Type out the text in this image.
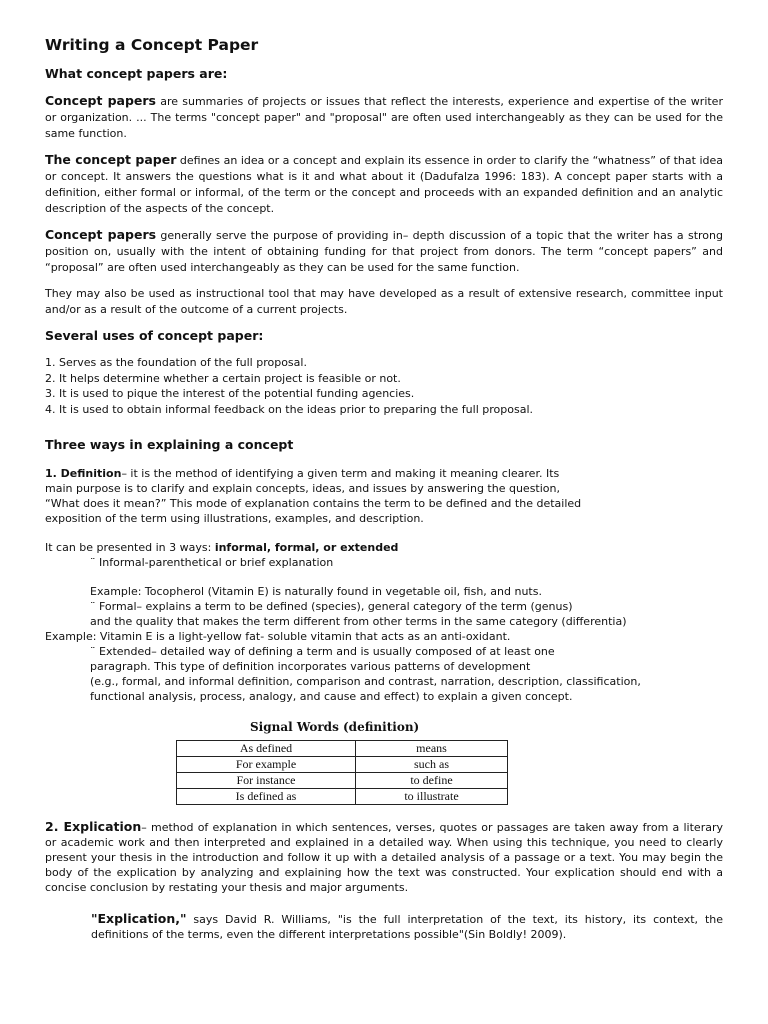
Writing a Concept Paper
What concept papers are:

Concept papers are summaries of projects or issues that reflect the interests, experience and expertise of the writer or organization. ... The terms "concept paper" and "proposal" are often used interchangeably as they can be used for the same function.

The concept paper defines an idea or a concept and explain its essence in order to clarify the “whatness” of that idea or concept. It answers the questions what is it and what about it (Dadufalza 1996: 183). A concept paper starts with a definition, either formal or informal, of the term or the concept and proceeds with an expanded definition and an analytic description of the aspects of the concept.

Concept papers generally serve the purpose of providing in– depth discussion of a topic that the writer has a strong position on, usually with the intent of obtaining funding for that project from donors. The term “concept papers” and “proposal” are often used interchangeably as they can be used for the same function.

They may also be used as instructional tool that may have developed as a result of extensive research, committee input and/or as a result of the outcome of a current projects.

Several uses of concept paper:
1. Serves as the foundation of the full proposal.
2. It helps determine whether a certain project is feasible or not.
3. It is used to pique the interest of the potential funding agencies.
4. It is used to obtain informal feedback on the ideas prior to preparing the full proposal.
Three ways in explaining a concept
1. Definition– it is the method of identifying a given term and making it meaning clearer. Its main purpose is to clarify and explain concepts, ideas, and issues by answering the question, “What does it mean?” This mode of explanation contains the term to be defined and the detailed exposition of the term using illustrations, examples, and description.
It can be presented in 3 ways: informal, formal, or extended
¨ Informal-parenthetical or brief explanation
Example: Tocopherol (Vitamin E) is naturally found in vegetable oil, fish, and nuts.
¨ Formal– explains a term to be defined (species), general category of the term (genus)
and the quality that makes the term different from other terms in the same category (differentia)
Example: Vitamin E is a light-yellow fat- soluble vitamin that acts as an anti-oxidant.
¨ Extended– detailed way of defining a term and is usually composed of at least one
paragraph. This type of definition incorporates various patterns of development
(e.g., formal, and informal definition, comparison and contrast, narration, description, classification,
functional analysis, process, analogy, and cause and effect) to explain a given concept.
Signal Words (definition)
As defined	means
For example	such as
For instance	to define
Is defined as	to illustrate

2. Explication– method of explanation in which sentences, verses, quotes or passages are taken away from a literary or academic work and then interpreted and explained in a detailed way. When using this technique, you need to clearly present your thesis in the introduction and follow it up with a detailed analysis of a passage or a text. You may begin the body of the explication by analyzing and explaining how the text was constructed. Your explication should end with a concise conclusion by restating your thesis and major arguments.

"Explication," says David R. Williams, "is the full interpretation of the text, its history, its context, the definitions of the terms, even the different interpretations possible"(Sin Boldly! 2009).
